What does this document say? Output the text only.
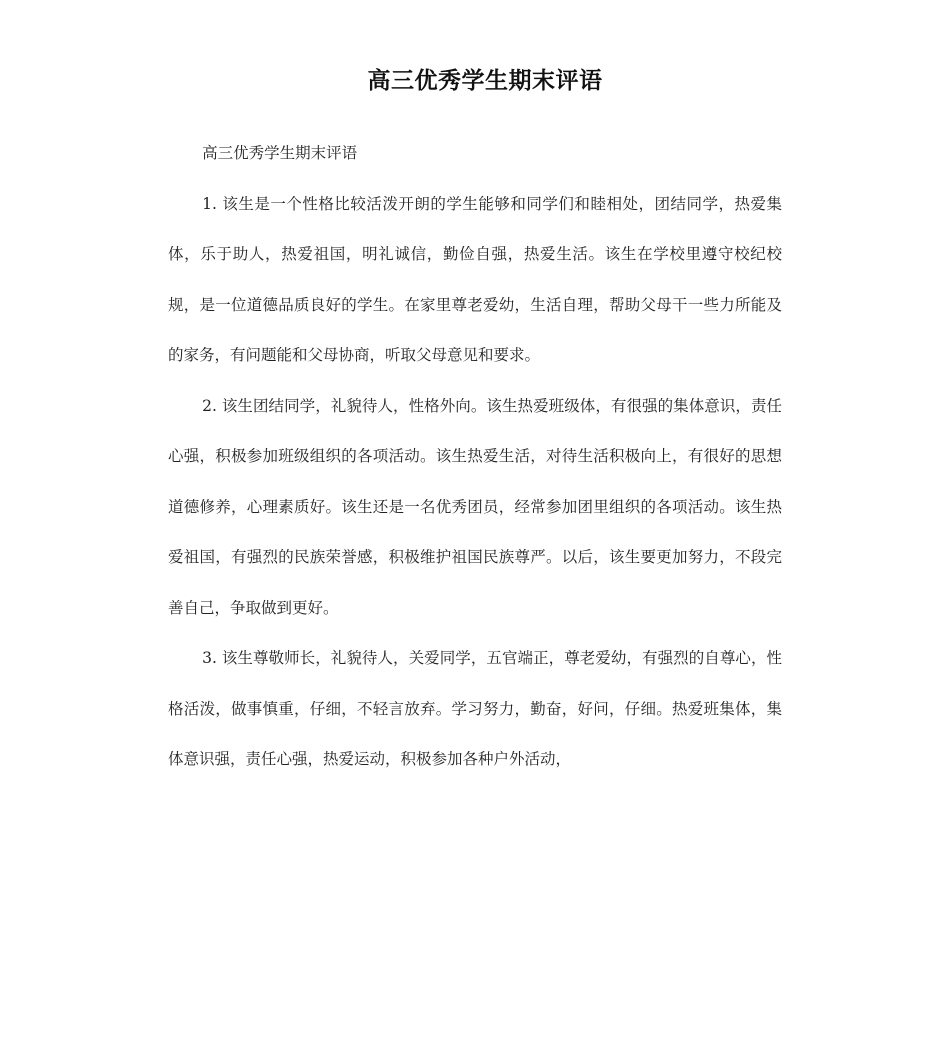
高三优秀学生期末评语

高三优秀学生期末评语

1. 该生是一个性格比较活泼开朗的学生能够和同学们和睦相处，团结同学，热爱集体，乐于助人，热爱祖国，明礼诚信，勤俭自强，热爱生活。该生在学校里遵守校纪校规，是一位道德品质良好的学生。在家里尊老爱幼，生活自理，帮助父母干一些力所能及的家务，有问题能和父母协商，听取父母意见和要求。

2. 该生团结同学，礼貌待人，性格外向。该生热爱班级体，有很强的集体意识，责任心强，积极参加班级组织的各项活动。该生热爱生活，对待生活积极向上，有很好的思想道德修养，心理素质好。该生还是一名优秀团员，经常参加团里组织的各项活动。该生热爱祖国，有强烈的民族荣誉感，积极维护祖国民族尊严。以后，该生要更加努力，不段完善自己，争取做到更好。

3. 该生尊敬师长，礼貌待人，关爱同学，五官端正，尊老爱幼，有强烈的自尊心，性格活泼，做事慎重，仔细，不轻言放弃。学习努力，勤奋，好问，仔细。热爱班集体，集体意识强，责任心强，热爱运动，积极参加各种户外活动，
